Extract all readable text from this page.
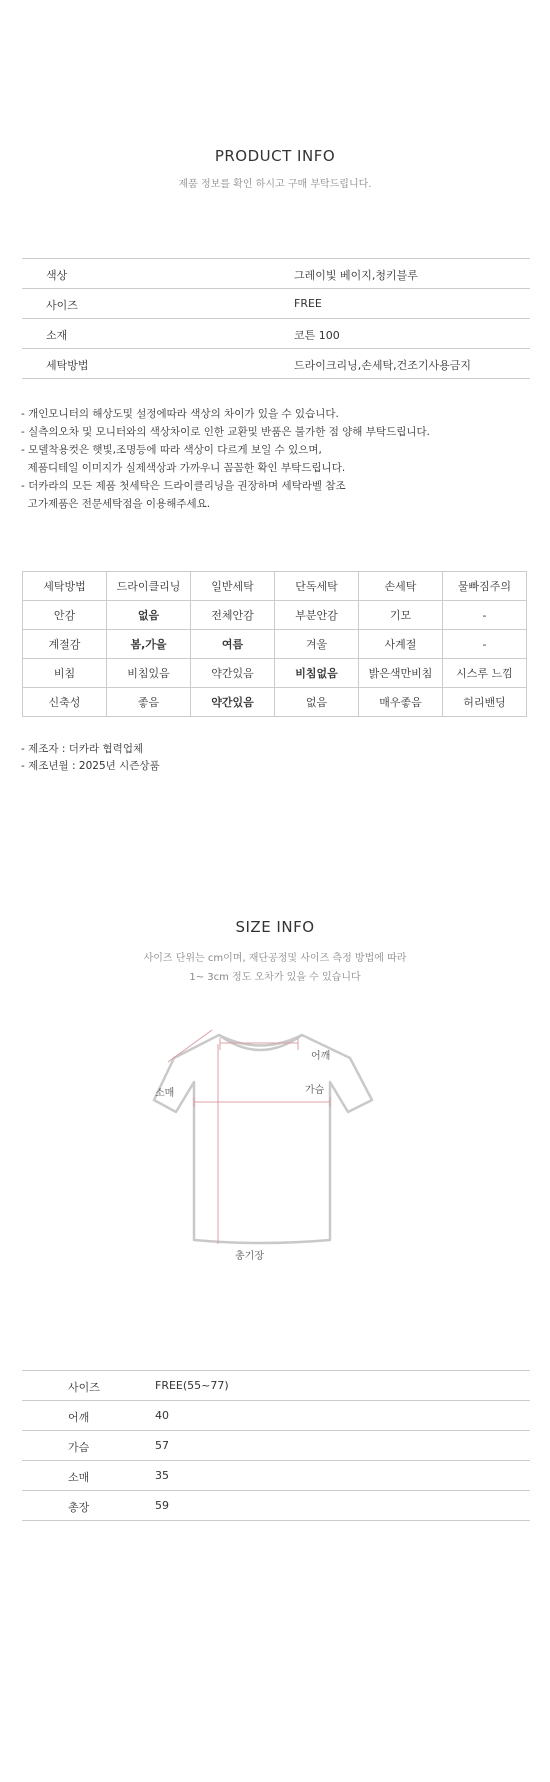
PRODUCT INFO
제품 정보를 확인 하시고 구매 부탁드립니다.
색상	그레이빛 베이지,청키블루
사이즈	FREE
소재	코튼 100
세탁방법	드라이크리닝,손세탁,건조기사용금지
- 개인모니터의 해상도및 설정에따라 색상의 차이가 있을 수 있습니다.
- 실측의오차 및 모니터와의 색상차이로 인한 교환및 반품은 불가한 점 양해 부탁드립니다.
- 모델착용컷은 햇빛,조명등에 따라 색상이 다르게 보일 수 있으며,
제품디테일 이미지가 실제색상과 가까우니 꼼꼼한 확인 부탁드립니다.
- 더카라의 모든 제품 첫세탁은 드라이클리닝을 권장하며 세탁라벨 참조
고가제품은 전문세탁점을 이용해주세요.
세탁방법	드라이클리닝	일반세탁	단독세탁	손세탁	물빠짐주의
안감	없음	전체안감	부분안감	기모	-
계절감	봄,가을	여름	겨울	사계절	-
비침	비침있음	약간있음	비침없음	밝은색만비침	시스루 느낌
신축성	좋음	약간있음	없음	매우좋음	허리밴딩
- 제조자 : 더카라 협력업체
- 제조년월 : 2025년 시즌상품
SIZE INFO
사이즈 단위는 cm이며, 재단공정및 사이즈 측정 방법에 따라
1~ 3cm 정도 오차가 있을 수 있습니다
어깨
가슴
소매
총기장
사이즈	FREE(55~77)
어깨	40
가슴	57
소매	35
총장	59
